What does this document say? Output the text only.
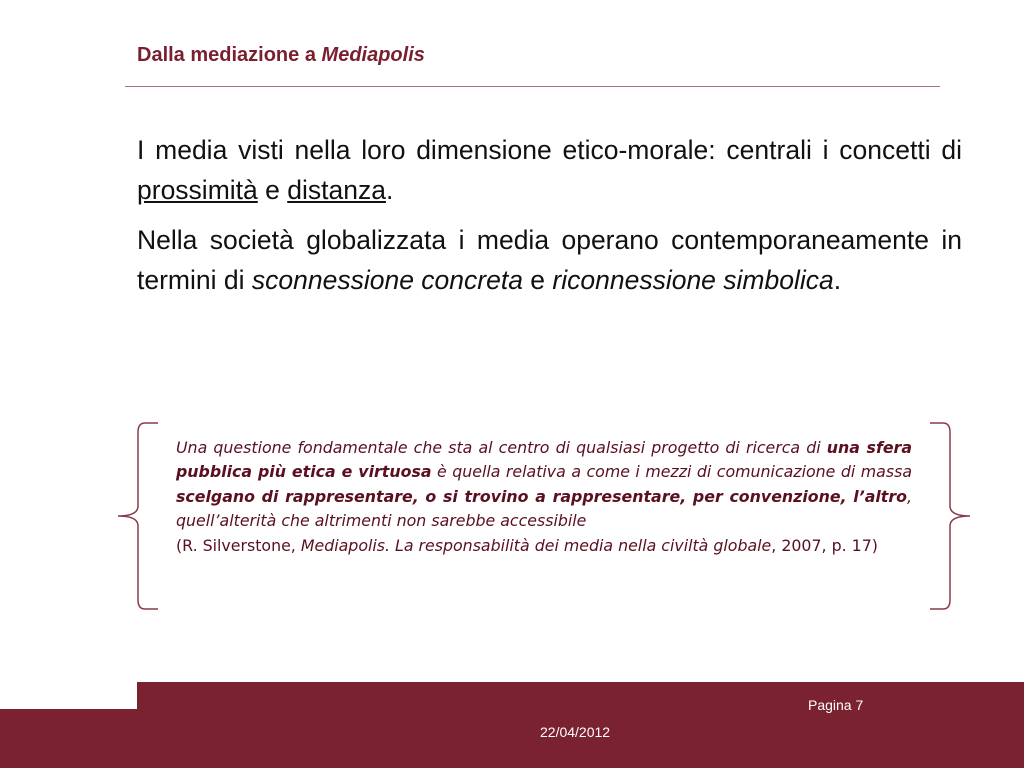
Dalla mediazione a Mediapolis

I media visti nella loro dimensione etico-morale: centrali i concetti di prossimità e distanza.

Nella società globalizzata i media operano contemporaneamente in termini di sconnessione concreta e riconnessione simbolica.

Una questione fondamentale che sta al centro di qualsiasi progetto di ricerca di una sfera pubblica più etica e virtuosa è quella relativa a come i mezzi di comunicazione di massa scelgano di rappresentare, o si trovino a rappresentare, per convenzione, l’altro, quell’alterità che altrimenti non sarebbe accessibile

(R. Silverstone, Mediapolis. La responsabilità dei media nella civiltà globale, 2007, p. 17)

Pagina 7
22/04/2012
